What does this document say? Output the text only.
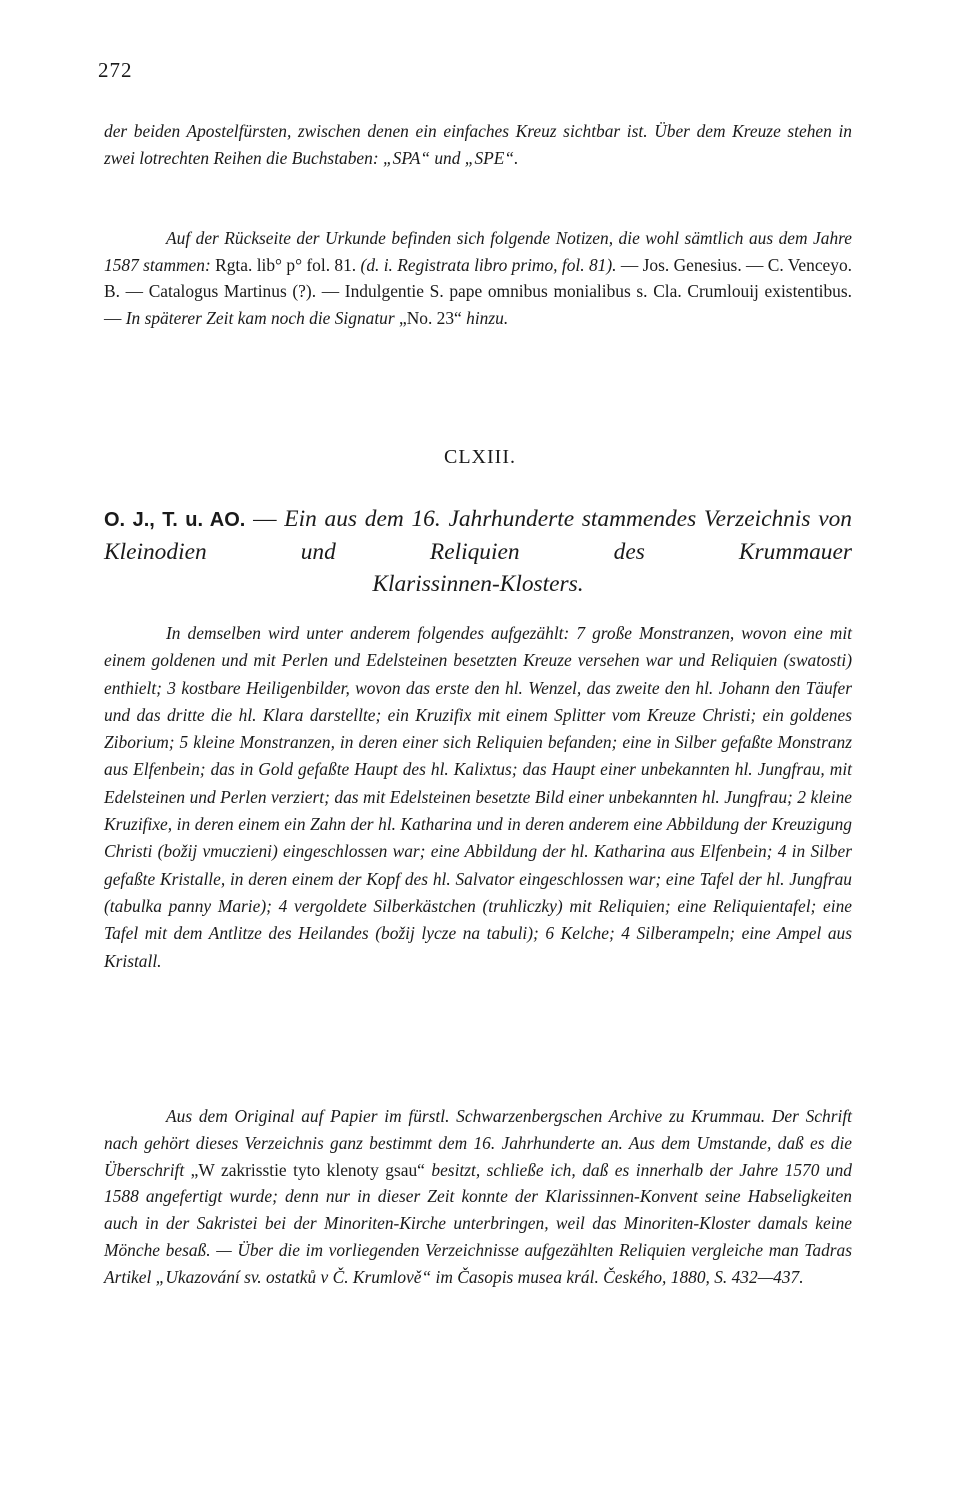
272

der beiden Apostelfürsten, zwischen denen ein einfaches Kreuz sichtbar ist. Über dem Kreuze stehen in zwei lotrechten Reihen die Buchstaben: „SPA“ und „SPE“.

Auf der Rückseite der Urkunde befinden sich folgende Notizen, die wohl sämtlich aus dem Jahre 1587 stammen: Rgta. lib° p° fol. 81. (d. i. Registrata libro primo, fol. 81). — Jos. Genesius. — C. Venceyo. B. — Catalogus Martinus (?). — Indulgentie S. pape omnibus monialibus s. Cla. Crumlouij existentibus. — In späterer Zeit kam noch die Signatur „No. 23“ hinzu.

CLXIII.

O. J., T. u. AO. — Ein aus dem 16. Jahrhunderte stammendes Verzeichnis von Kleinodien und Reliquien des Krummauer

Klarissinnen-Klosters.

In demselben wird unter anderem folgendes aufgezählt: 7 große Monstranzen, wovon eine mit einem goldenen und mit Perlen und Edelsteinen besetzten Kreuze versehen war und Reliquien (swatosti) enthielt; 3 kostbare Heiligenbilder, wovon das erste den hl. Wenzel, das zweite den hl. Johann den Täufer und das dritte die hl. Klara darstellte; ein Kruzifix mit einem Splitter vom Kreuze Christi; ein goldenes Ziborium; 5 kleine Monstranzen, in deren einer sich Reliquien befanden; eine in Silber gefaßte Monstranz aus Elfenbein; das in Gold gefaßte Haupt des hl. Kalixtus; das Haupt einer unbekannten hl. Jungfrau, mit Edelsteinen und Perlen verziert; das mit Edelsteinen besetzte Bild einer unbekannten hl. Jungfrau; 2 kleine Kruzifixe, in deren einem ein Zahn der hl. Katharina und in deren anderem eine Abbildung der Kreuzigung Christi (božij vmuczieni) eingeschlossen war; eine Abbildung der hl. Katharina aus Elfenbein; 4 in Silber gefaßte Kristalle, in deren einem der Kopf des hl. Salvator eingeschlossen war; eine Tafel der hl. Jungfrau (tabulka panny Marie); 4 vergoldete Silberkästchen (truhliczky) mit Reliquien; eine Reliquientafel; eine Tafel mit dem Antlitze des Heilandes (božij lycze na tabuli); 6 Kelche; 4 Silberampeln; eine Ampel aus Kristall.

Aus dem Original auf Papier im fürstl. Schwarzenbergschen Archive zu Krummau. Der Schrift nach gehört dieses Verzeichnis ganz bestimmt dem 16. Jahrhunderte an. Aus dem Umstande, daß es die Überschrift „W zakrisstie tyto klenoty gsau“ besitzt, schließe ich, daß es innerhalb der Jahre 1570 und 1588 angefertigt wurde; denn nur in dieser Zeit konnte der Klarissinnen-Konvent seine Habseligkeiten auch in der Sakristei bei der Minoriten-Kirche unterbringen, weil das Minoriten-Kloster damals keine Mönche besaß. — Über die im vorliegenden Verzeichnisse aufgezählten Reliquien vergleiche man Tadras Artikel „Ukazování sv. ostatků v Č. Krumlově“ im Časopis musea král. Českého, 1880, S. 432—437.
